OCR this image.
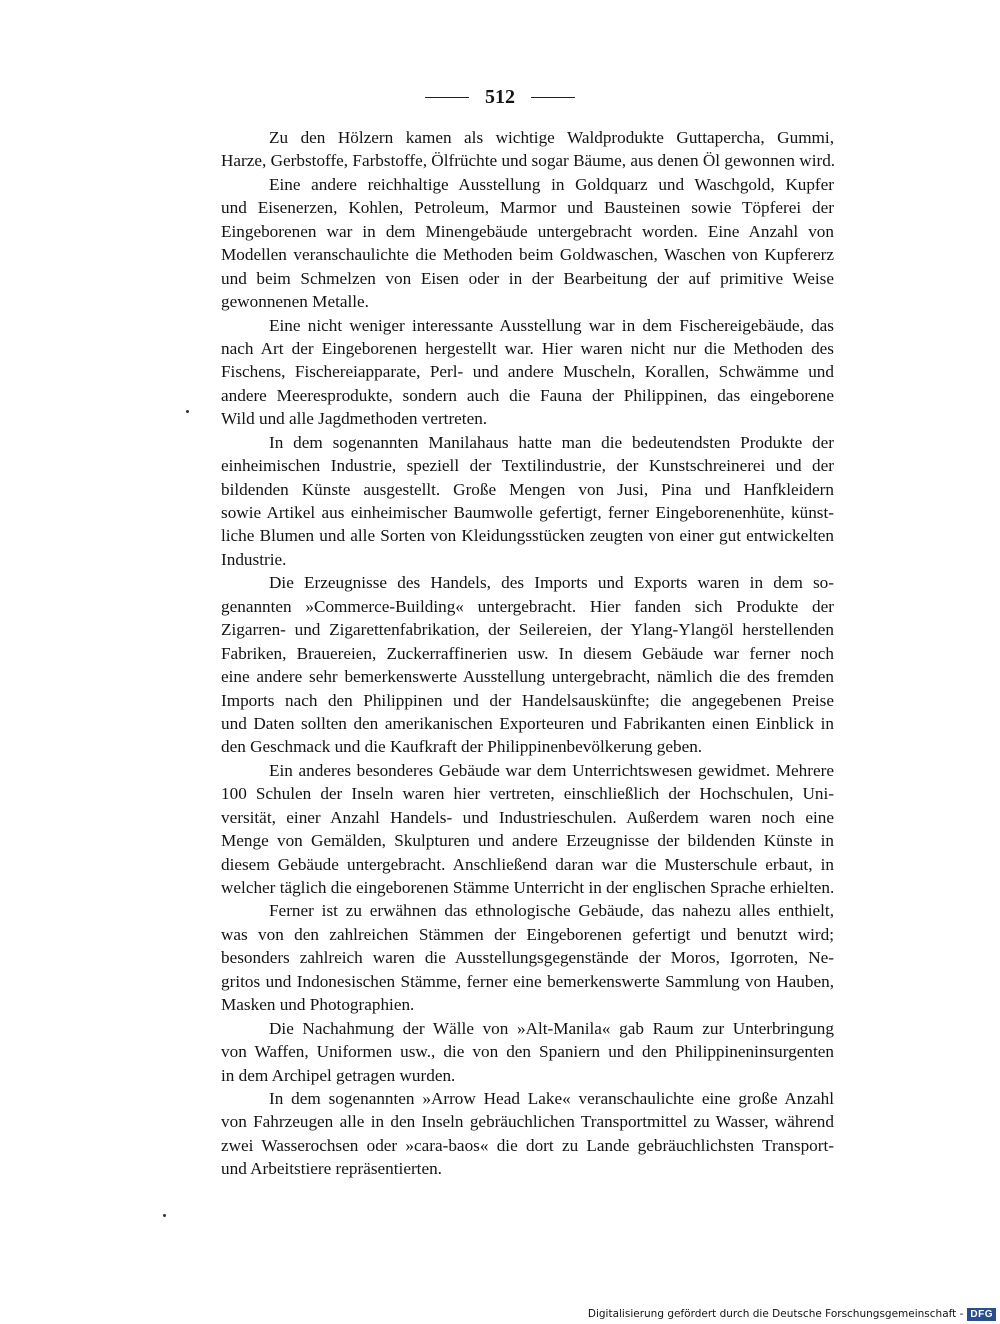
512
Zu den Hölzern kamen als wichtige Waldprodukte Guttapercha, Gummi,
Harze, Gerbstoffe, Farbstoffe, Ölfrüchte und sogar Bäume, aus denen Öl gewonnen wird.
Eine andere reichhaltige Ausstellung in Goldquarz und Waschgold, Kupfer
und Eisenerzen, Kohlen, Petroleum, Marmor und Bausteinen sowie Töpferei der
Eingeborenen war in dem Minengebäude untergebracht worden. Eine Anzahl von
Modellen veranschaulichte die Methoden beim Goldwaschen, Waschen von Kupfererz
und beim Schmelzen von Eisen oder in der Bearbeitung der auf primitive Weise
gewonnenen Metalle.
Eine nicht weniger interessante Ausstellung war in dem Fischereigebäude, das
nach Art der Eingeborenen hergestellt war. Hier waren nicht nur die Methoden des
Fischens, Fischereiapparate, Perl- und andere Muscheln, Korallen, Schwämme und
andere Meeresprodukte, sondern auch die Fauna der Philippinen, das eingeborene
Wild und alle Jagdmethoden vertreten.
In dem sogenannten Manilahaus hatte man die bedeutendsten Produkte der
einheimischen Industrie, speziell der Textilindustrie, der Kunstschreinerei und der
bildenden Künste ausgestellt. Große Mengen von Jusi, Pina und Hanfkleidern
sowie Artikel aus einheimischer Baumwolle gefertigt, ferner Eingeborenenhüte, künst-
liche Blumen und alle Sorten von Kleidungsstücken zeugten von einer gut entwickelten
Industrie.
Die Erzeugnisse des Handels, des Imports und Exports waren in dem so-
genannten »Commerce-Building« untergebracht. Hier fanden sich Produkte der
Zigarren- und Zigarettenfabrikation, der Seilereien, der Ylang-Ylangöl herstellenden
Fabriken, Brauereien, Zuckerraffinerien usw. In diesem Gebäude war ferner noch
eine andere sehr bemerkenswerte Ausstellung untergebracht, nämlich die des fremden
Imports nach den Philippinen und der Handelsauskünfte; die angegebenen Preise
und Daten sollten den amerikanischen Exporteuren und Fabrikanten einen Einblick in
den Geschmack und die Kaufkraft der Philippinenbevölkerung geben.
Ein anderes besonderes Gebäude war dem Unterrichtswesen gewidmet. Mehrere
100 Schulen der Inseln waren hier vertreten, einschließlich der Hochschulen, Uni-
versität, einer Anzahl Handels- und Industrieschulen. Außerdem waren noch eine
Menge von Gemälden, Skulpturen und andere Erzeugnisse der bildenden Künste in
diesem Gebäude untergebracht. Anschließend daran war die Musterschule erbaut, in
welcher täglich die eingeborenen Stämme Unterricht in der englischen Sprache erhielten.
Ferner ist zu erwähnen das ethnologische Gebäude, das nahezu alles enthielt,
was von den zahlreichen Stämmen der Eingeborenen gefertigt und benutzt wird;
besonders zahlreich waren die Ausstellungsgegenstände der Moros, Igorroten, Ne-
gritos und Indonesischen Stämme, ferner eine bemerkenswerte Sammlung von Hauben,
Masken und Photographien.
Die Nachahmung der Wälle von »Alt-Manila« gab Raum zur Unterbringung
von Waffen, Uniformen usw., die von den Spaniern und den Philippineninsurgenten
in dem Archipel getragen wurden.
In dem sogenannten »Arrow Head Lake« veranschaulichte eine große Anzahl
von Fahrzeugen alle in den Inseln gebräuchlichen Transportmittel zu Wasser, während
zwei Wasserochsen oder »cara-baos« die dort zu Lande gebräuchlichsten Transport-
und Arbeitstiere repräsentierten.
Digitalisierung gefördert durch die Deutsche Forschungsgemeinschaft - DFG
